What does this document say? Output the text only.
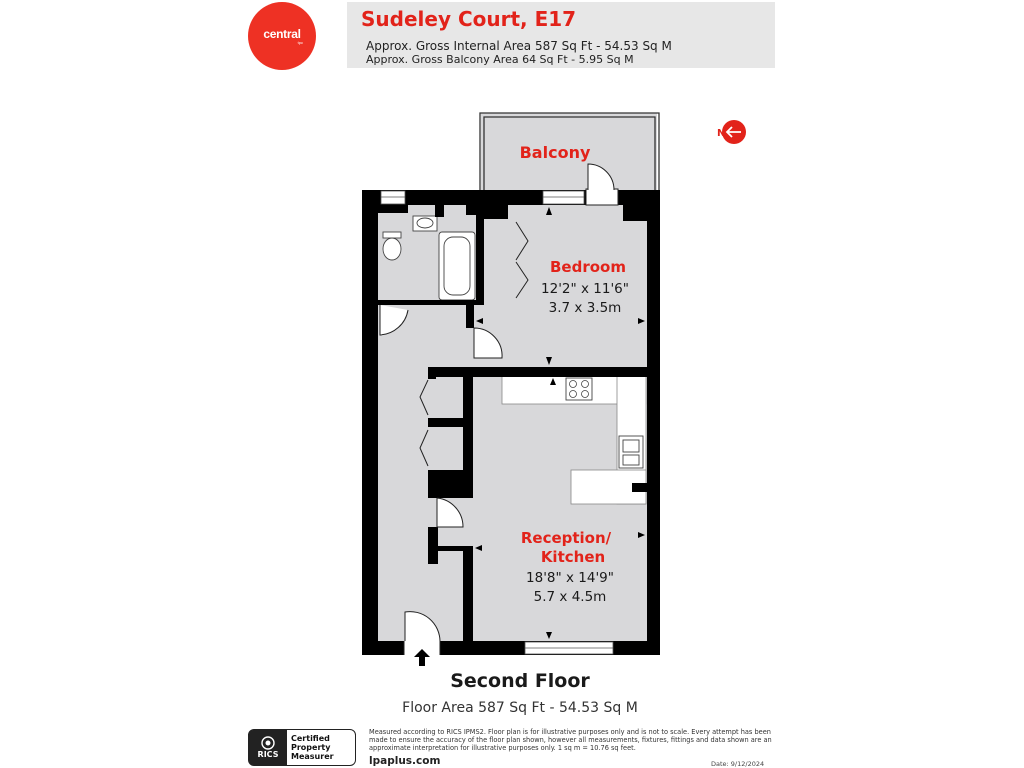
central
tpc
Sudeley Court, E17
Approx. Gross Internal Area 587 Sq Ft - 54.53 Sq M
Approx. Gross Balcony Area 64 Sq Ft - 5.95 Sq M
N
Balcony
Bedroom
12'2" x 11'6"
3.7 x 3.5m
Reception/
Kitchen
18'8" x 14'9"
5.7 x 4.5m
Second Floor
Floor Area 587 Sq Ft - 54.53 Sq M
RICS
Certified
Property
Measurer
Measured according to RICS IPMS2. Floor plan is for illustrative purposes only and is not to scale. Every attempt has been made to ensure the accuracy of the floor plan shown, however all measurements, fixtures, fittings and data shown are an approximate interpretation for illustrative purposes only. 1 sq m = 10.76 sq feet.
lpaplus.com	Date: 9/12/2024
